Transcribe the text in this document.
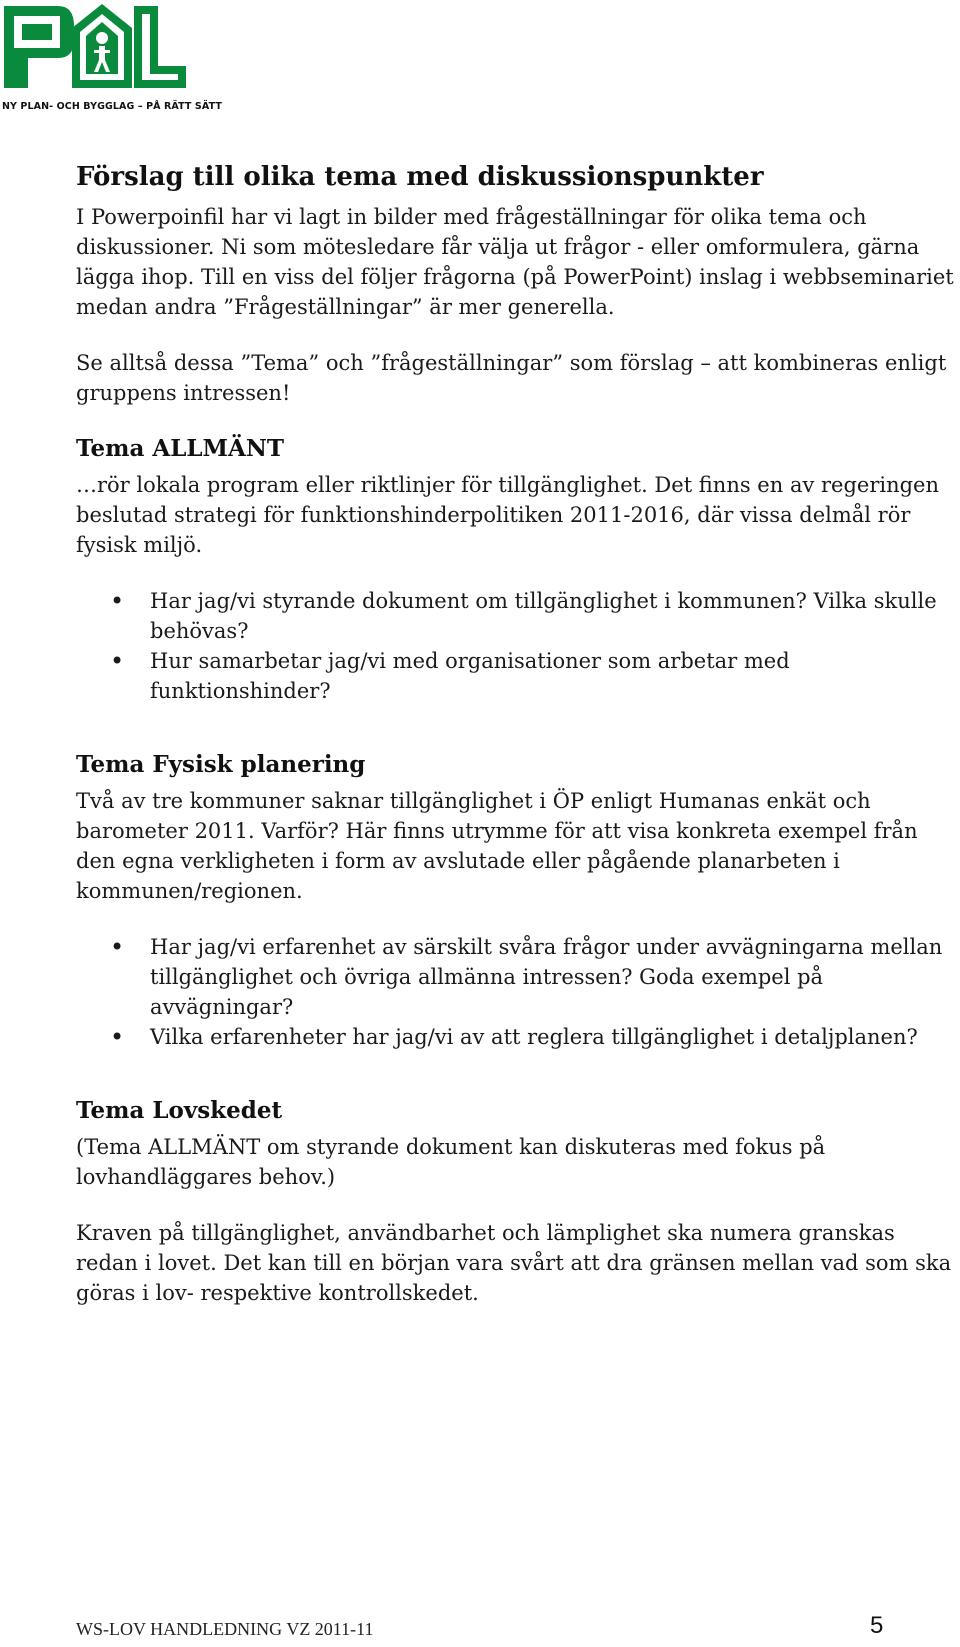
NY PLAN- OCH BYGGLAG – PÅ RÄTT SÄTT
Förslag till olika tema med diskussionspunkter

I Powerpoinfil har vi lagt in bilder med frågeställningar för olika tema och diskussioner. Ni som mötesledare får välja ut frågor - eller omformulera, gärna lägga ihop. Till en viss del följer frågorna (på PowerPoint) inslag i webbseminariet medan andra ”Frågeställningar” är mer generella.

Se alltså dessa ”Tema” och ”frågeställningar” som förslag – att kombineras enligt gruppens intressen!

Tema ALLMÄNT

…rör lokala program eller riktlinjer för tillgänglighet. Det finns en av regeringen beslutad strategi för funktionshinderpolitiken 2011-2016, där vissa delmål rör fysisk miljö.

• Har jag/vi styrande dokument om tillgänglighet i kommunen? Vilka skulle behövas?
• Hur samarbetar jag/vi med organisationer som arbetar med funktionshinder?
Tema Fysisk planering

Två av tre kommuner saknar tillgänglighet i ÖP enligt Humanas enkät och barometer 2011. Varför? Här finns utrymme för att visa konkreta exempel från den egna verkligheten i form av avslutade eller pågående planarbeten i kommunen/regionen.

• Har jag/vi erfarenhet av särskilt svåra frågor under avvägningarna mellan tillgänglighet och övriga allmänna intressen? Goda exempel på avvägningar?
• Vilka erfarenheter har jag/vi av att reglera tillgänglighet i detaljplanen?
Tema Lovskedet

(Tema ALLMÄNT om styrande dokument kan diskuteras med fokus på lovhandläggares behov.)

Kraven på tillgänglighet, användbarhet och lämplighet ska numera granskas redan i lovet. Det kan till en början vara svårt att dra gränsen mellan vad som ska göras i lov- respektive kontrollskedet.

WS-LOV HANDLEDNING VZ 2011-11	5
